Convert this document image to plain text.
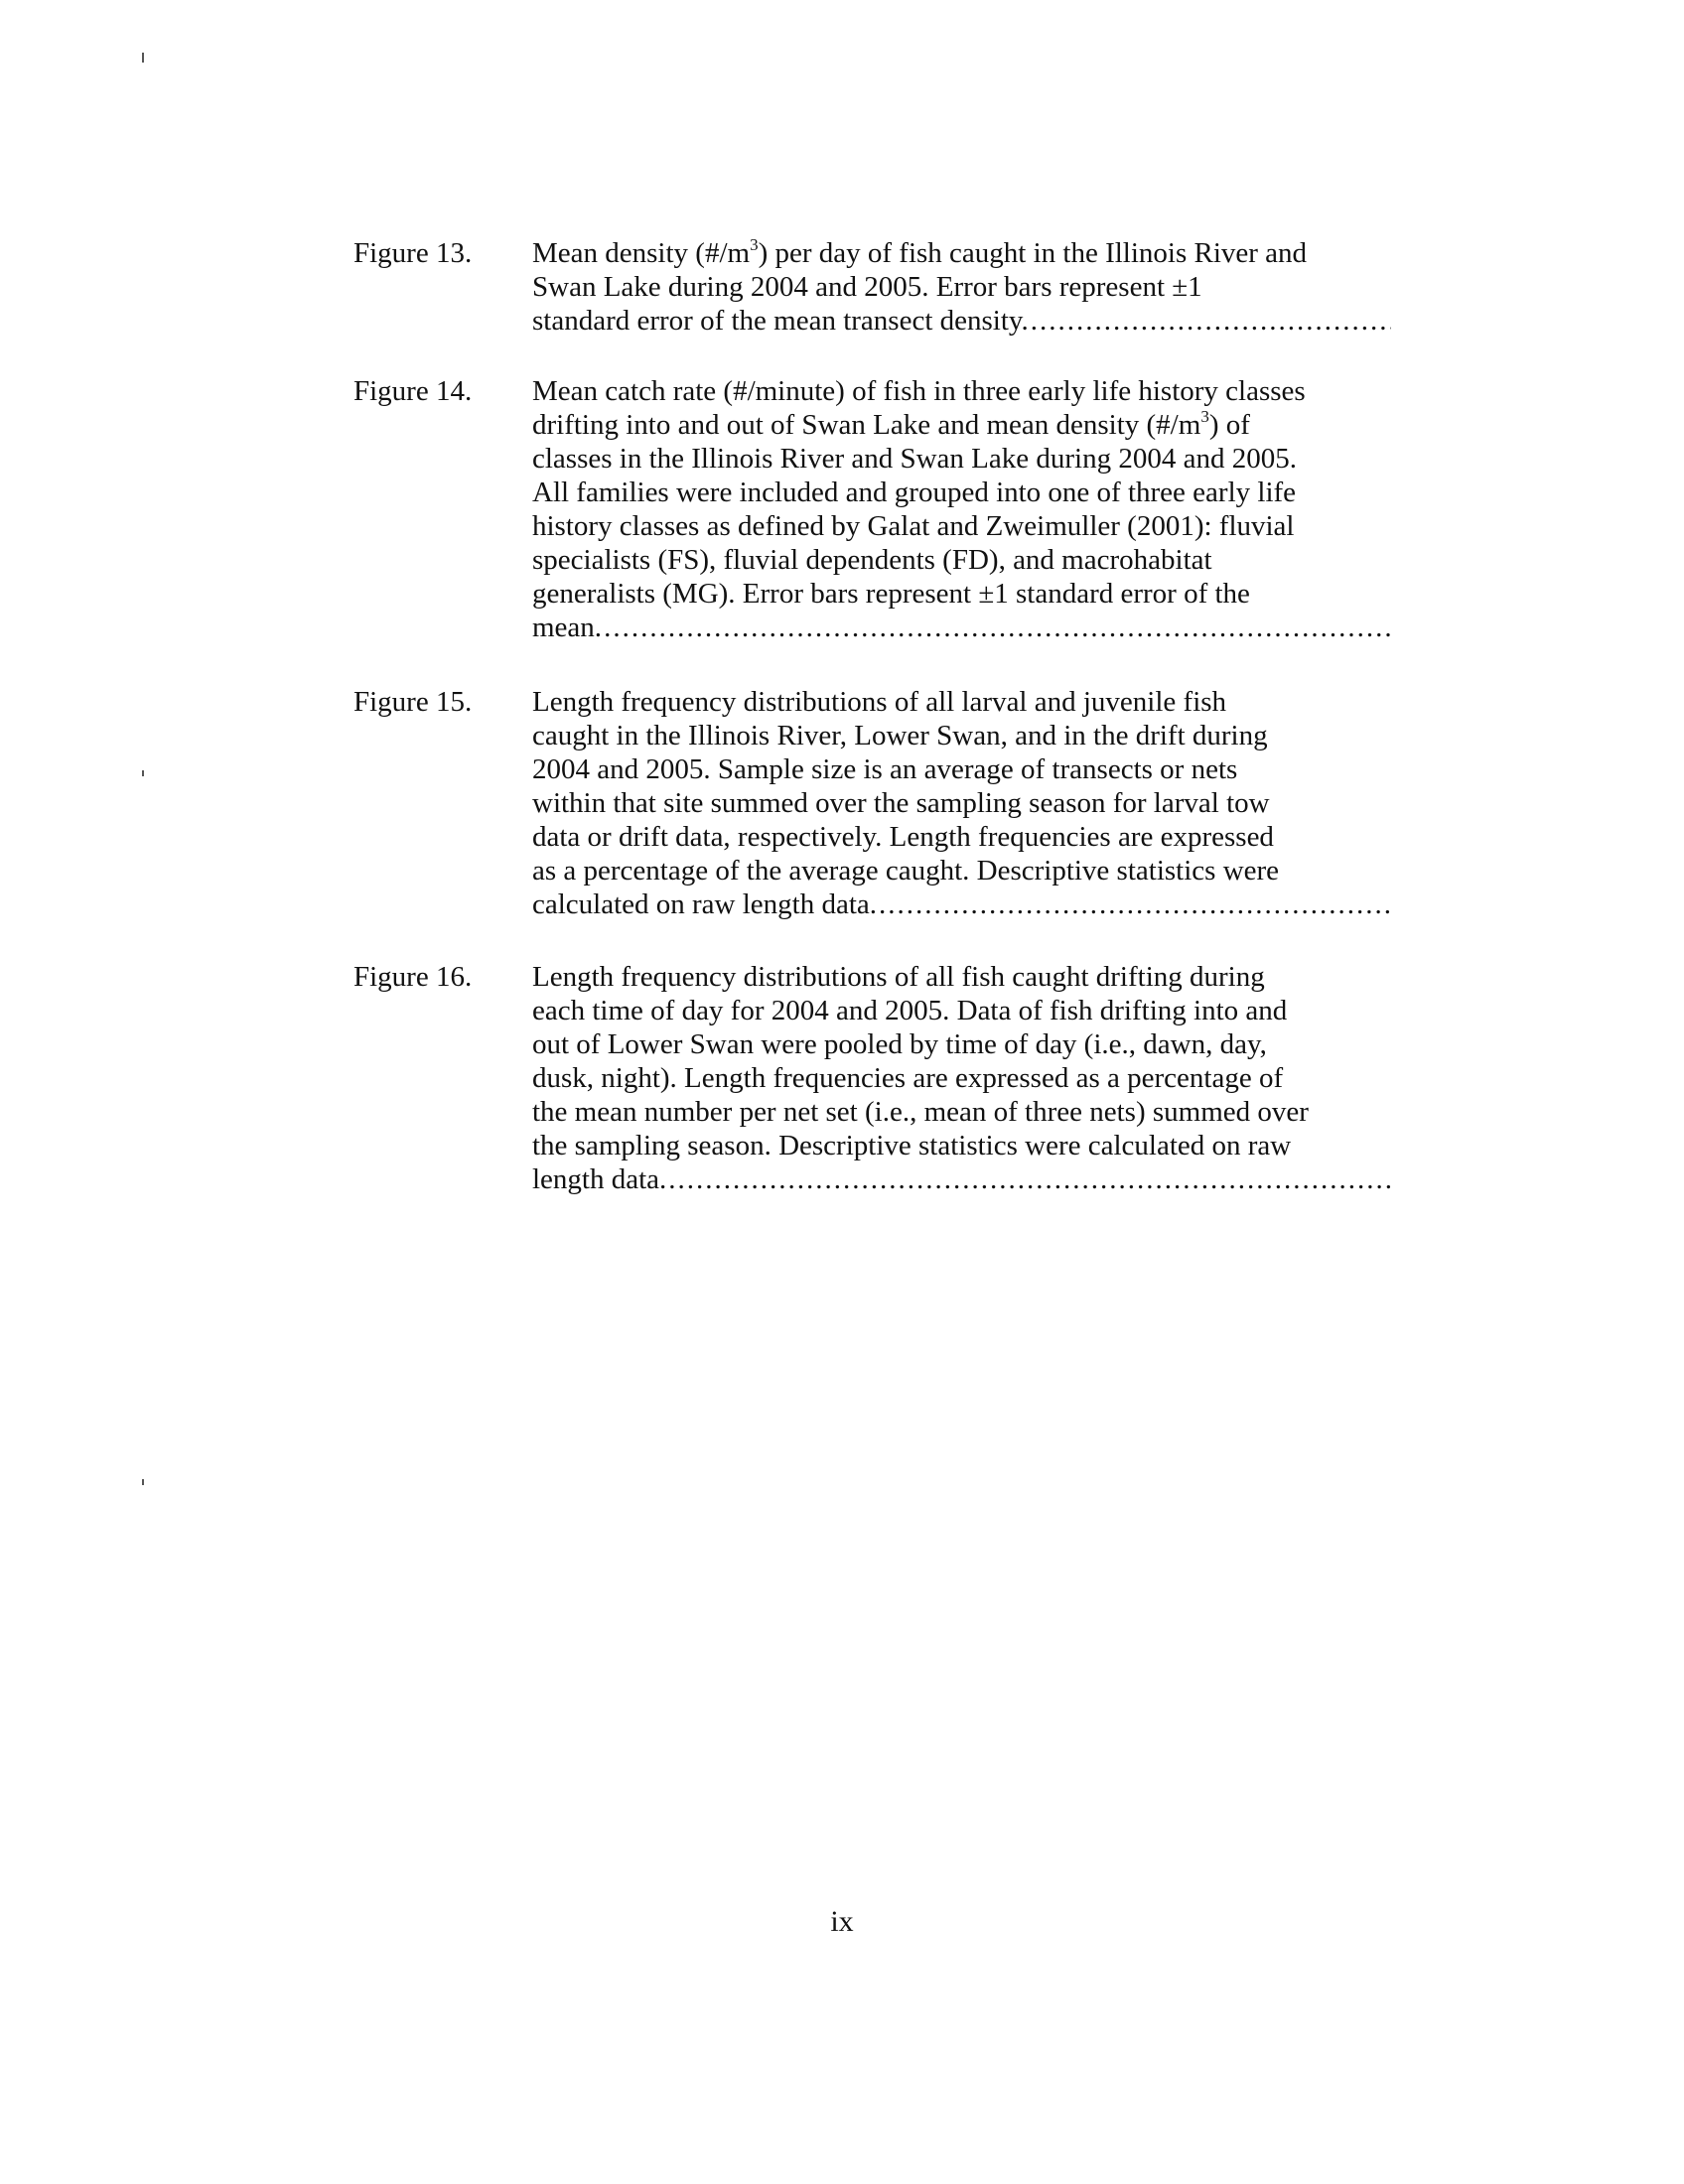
Figure 13. Mean density $(\#/m^3)$ per day of fish caught in the Illinois River and
Swan Lake during 2004 and 2005. Error bars represent ±1
standard error of the mean transect density.
.....
Figure 14. Mean catch rate (#/minute) of fish in three early life history classes
drifting into and out of Swan Lake and mean density $(\#/m^3)$ of
classes in the Illinois River and Swan Lake during 2004 and 2005.
All families were included and grouped into one of three early life
history classes as defined by Galat and Zweimuller (2001): fluvial
specialists (FS), fluvial dependents (FD), and macrohabitat
generalists (MG). Error bars represent ±1 standard error of the
mean.
.....
Figure 15. Length frequency distributions of all larval and juvenile fish
caught in the Illinois River, Lower Swan, and in the drift during
2004 and 2005. Sample size is an average of transects or nets
within that site summed over the sampling season for larval tow
data or drift data, respectively. Length frequencies are expressed
as a percentage of the average caught. Descriptive statistics were
calculated on raw length data.
.....
Figure 16. Length frequency distributions of all fish caught drifting during
each time of day for 2004 and 2005. Data of fish drifting into and
out of Lower Swan were pooled by time of day (i.e., dawn, day,
dusk, night). Length frequencies are expressed as a percentage of
the mean number per net set (i.e., mean of three nets) summed over
the sampling season. Descriptive statistics were calculated on raw
length data.
.....
ix
